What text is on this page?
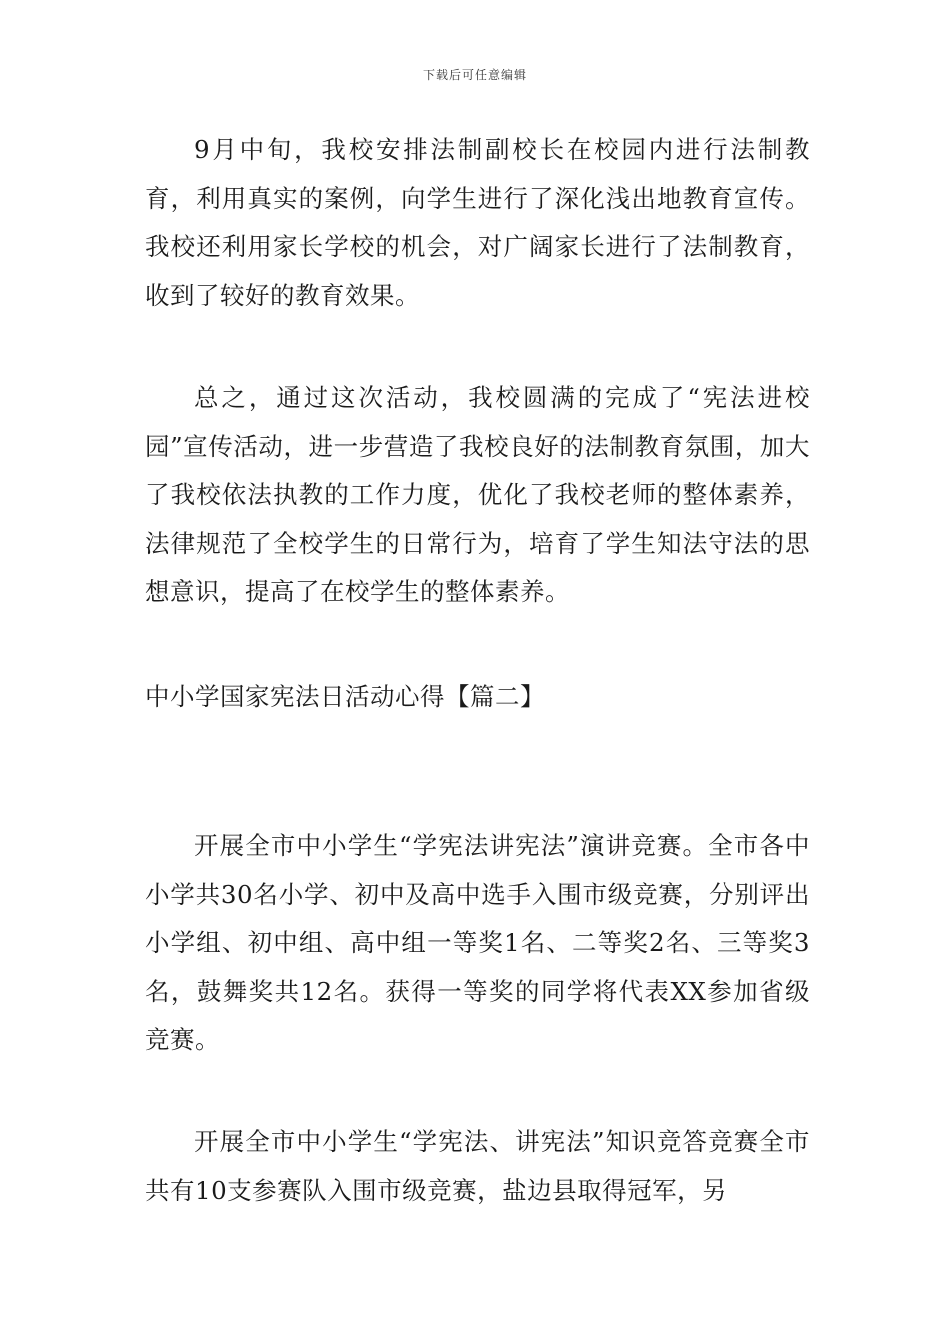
下载后可任意编辑

9月中旬，我校安排法制副校长在校园内进行法制教育，利用真实的案例，向学生进行了深化浅出地教育宣传。我校还利用家长学校的机会，对广阔家长进行了法制教育，收到了较好的教育效果。

总之，通过这次活动，我校圆满的完成了“宪法进校园”宣传活动，进一步营造了我校良好的法制教育氛围，加大了我校依法执教的工作力度，优化了我校老师的整体素养，法律规范了全校学生的日常行为，培育了学生知法守法的思想意识，提高了在校学生的整体素养。

中小学国家宪法日活动心得【篇二】

开展全市中小学生“学宪法讲宪法”演讲竞赛。全市各中小学共30名小学、初中及高中选手入围市级竞赛，分别评出小学组、初中组、高中组一等奖1名、二等奖2名、三等奖3名，鼓舞奖共12名。获得一等奖的同学将代表XX参加省级竞赛。

开展全市中小学生“学宪法、讲宪法”知识竞答竞赛全市共有10支参赛队入围市级竞赛，盐边县取得冠军，另
